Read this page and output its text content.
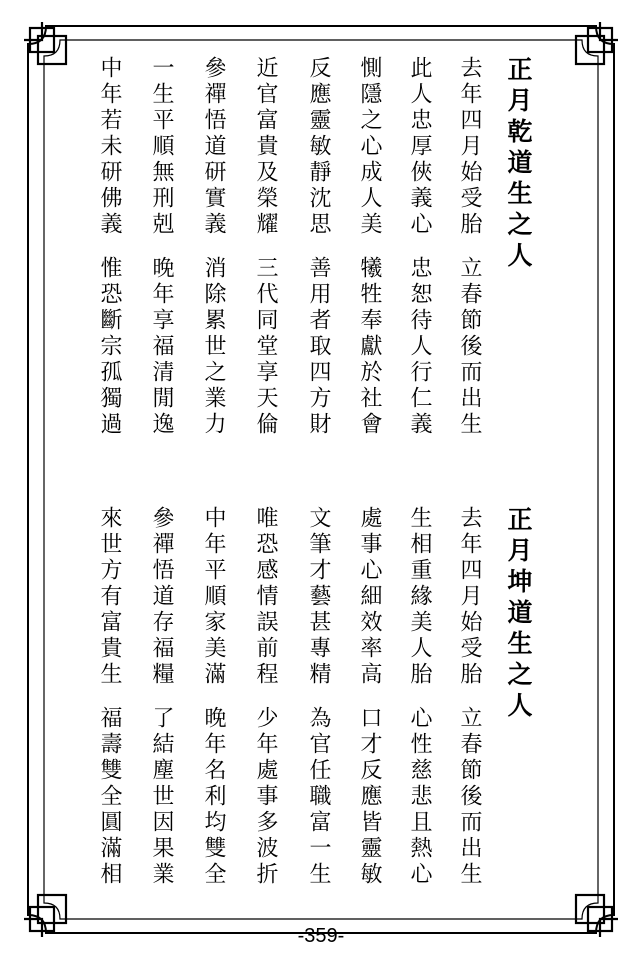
正月乾道生之人
去年四月始受胎立春節後而出生
此人忠厚俠義心忠恕待人行仁義
惻隱之心成人美犧牲奉獻於社會
反應靈敏靜沈思善用者取四方財
近官富貴及榮耀三代同堂享天倫
參禪悟道研實義消除累世之業力
一生平順無刑剋晚年享福清閒逸
中年若未研佛義惟恐斷宗孤獨過
正月坤道生之人
去年四月始受胎立春節後而出生
生相重緣美人胎心性慈悲且熱心
處事心細效率高口才反應皆靈敏
文筆才藝甚專精為官任職富一生
唯恐感情誤前程少年處事多波折
中年平順家美滿晚年名利均雙全
參禪悟道存福糧了結塵世因果業
來世方有富貴生福壽雙全圓滿相
-359-
